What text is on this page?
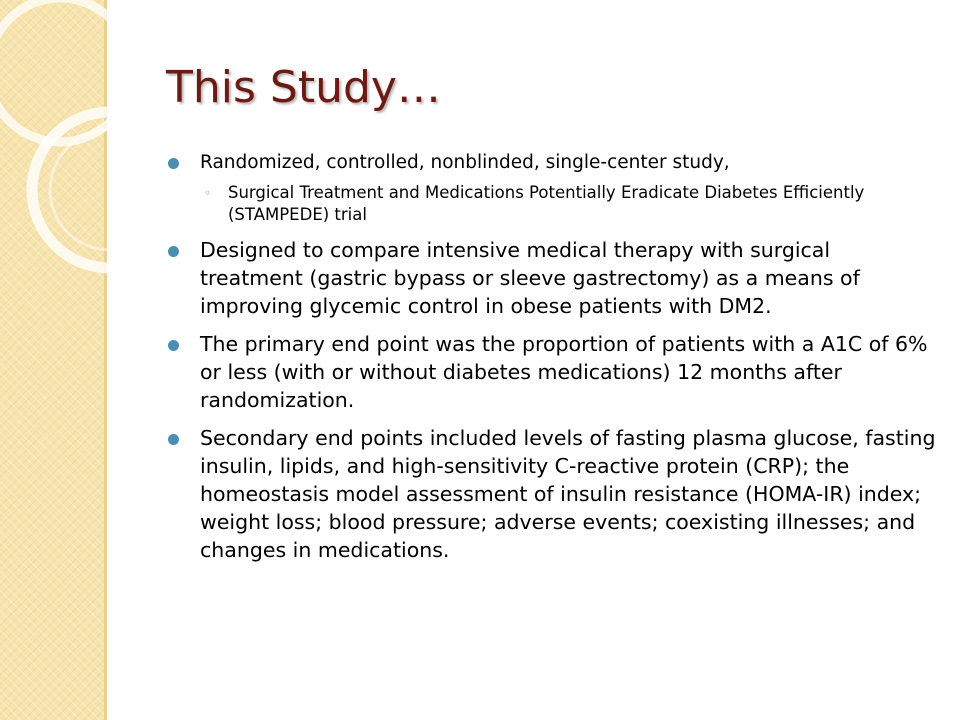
This Study…
Randomized, controlled, nonblinded, single-center study,
◦ Surgical Treatment and Medications Potentially Eradicate Diabetes Efficiently (STAMPEDE) trial
Designed to compare intensive medical therapy with surgical treatment (gastric bypass or sleeve gastrectomy) as a means of improving glycemic control in obese patients with DM2.
The primary end point was the proportion of patients with a A1C of 6% or less (with or without diabetes medications) 12 months after randomization.
Secondary end points included levels of fasting plasma glucose, fasting insulin, lipids, and high-sensitivity C-reactive protein (CRP); the homeostasis model assessment of insulin resistance (HOMA-IR) index; weight loss; blood pressure; adverse events; coexisting illnesses; and changes in medications.
